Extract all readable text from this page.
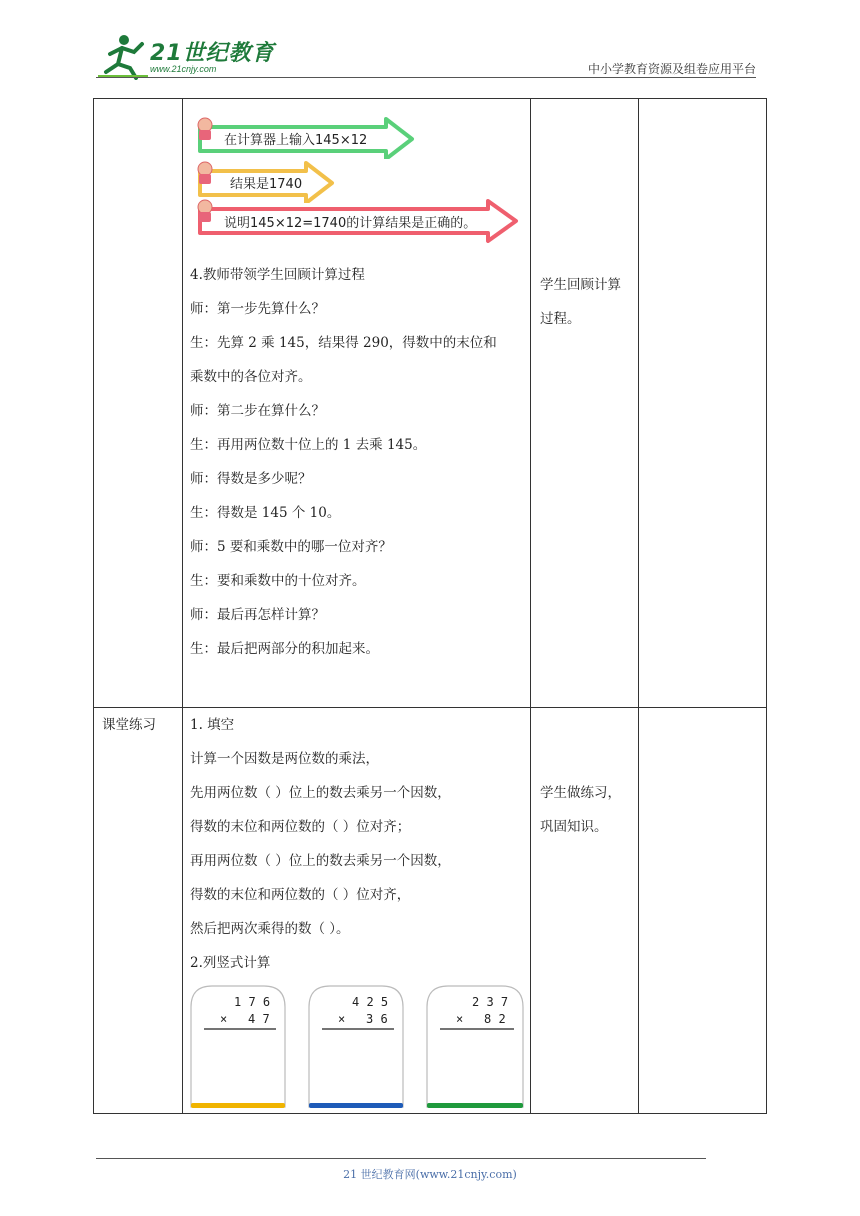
21世纪教育
www.21cnjy.com	中小学教育资源及组卷应用平台
在计算器上输入145×12
结果是1740
说明145×12=1740的计算结果是正确的。
4.教师带领学生回顾计算过程
师：第一步先算什么？
生：先算 2 乘 145，结果得 290，得数中的末位和
乘数中的各位对齐。
师：第二步在算什么？
生：再用两位数十位上的 1 去乘 145。
师：得数是多少呢？
生：得数是 145 个 10。
师：5 要和乘数中的哪一位对齐？
生：要和乘数中的十位对齐。
师：最后再怎样计算？
生：最后把两部分的积加起来。
学生回顾计算
过程。
课堂练习	1. 填空
计算一个因数是两位数的乘法，
先用两位数（ ）位上的数去乘另一个因数，
得数的末位和两位数的（ ）位对齐；
再用两位数（ ）位上的数去乘另一个因数，
得数的末位和两位数的（ ）位对齐，
然后把两次乘得的数（ ）。
2.列竖式计算
学生做练习，
巩固知识。
1 7 6
× 4 7
4 2 5
× 3 6
2 3 7
× 8 2
21 世纪教育网(www.21cnjy.com)
